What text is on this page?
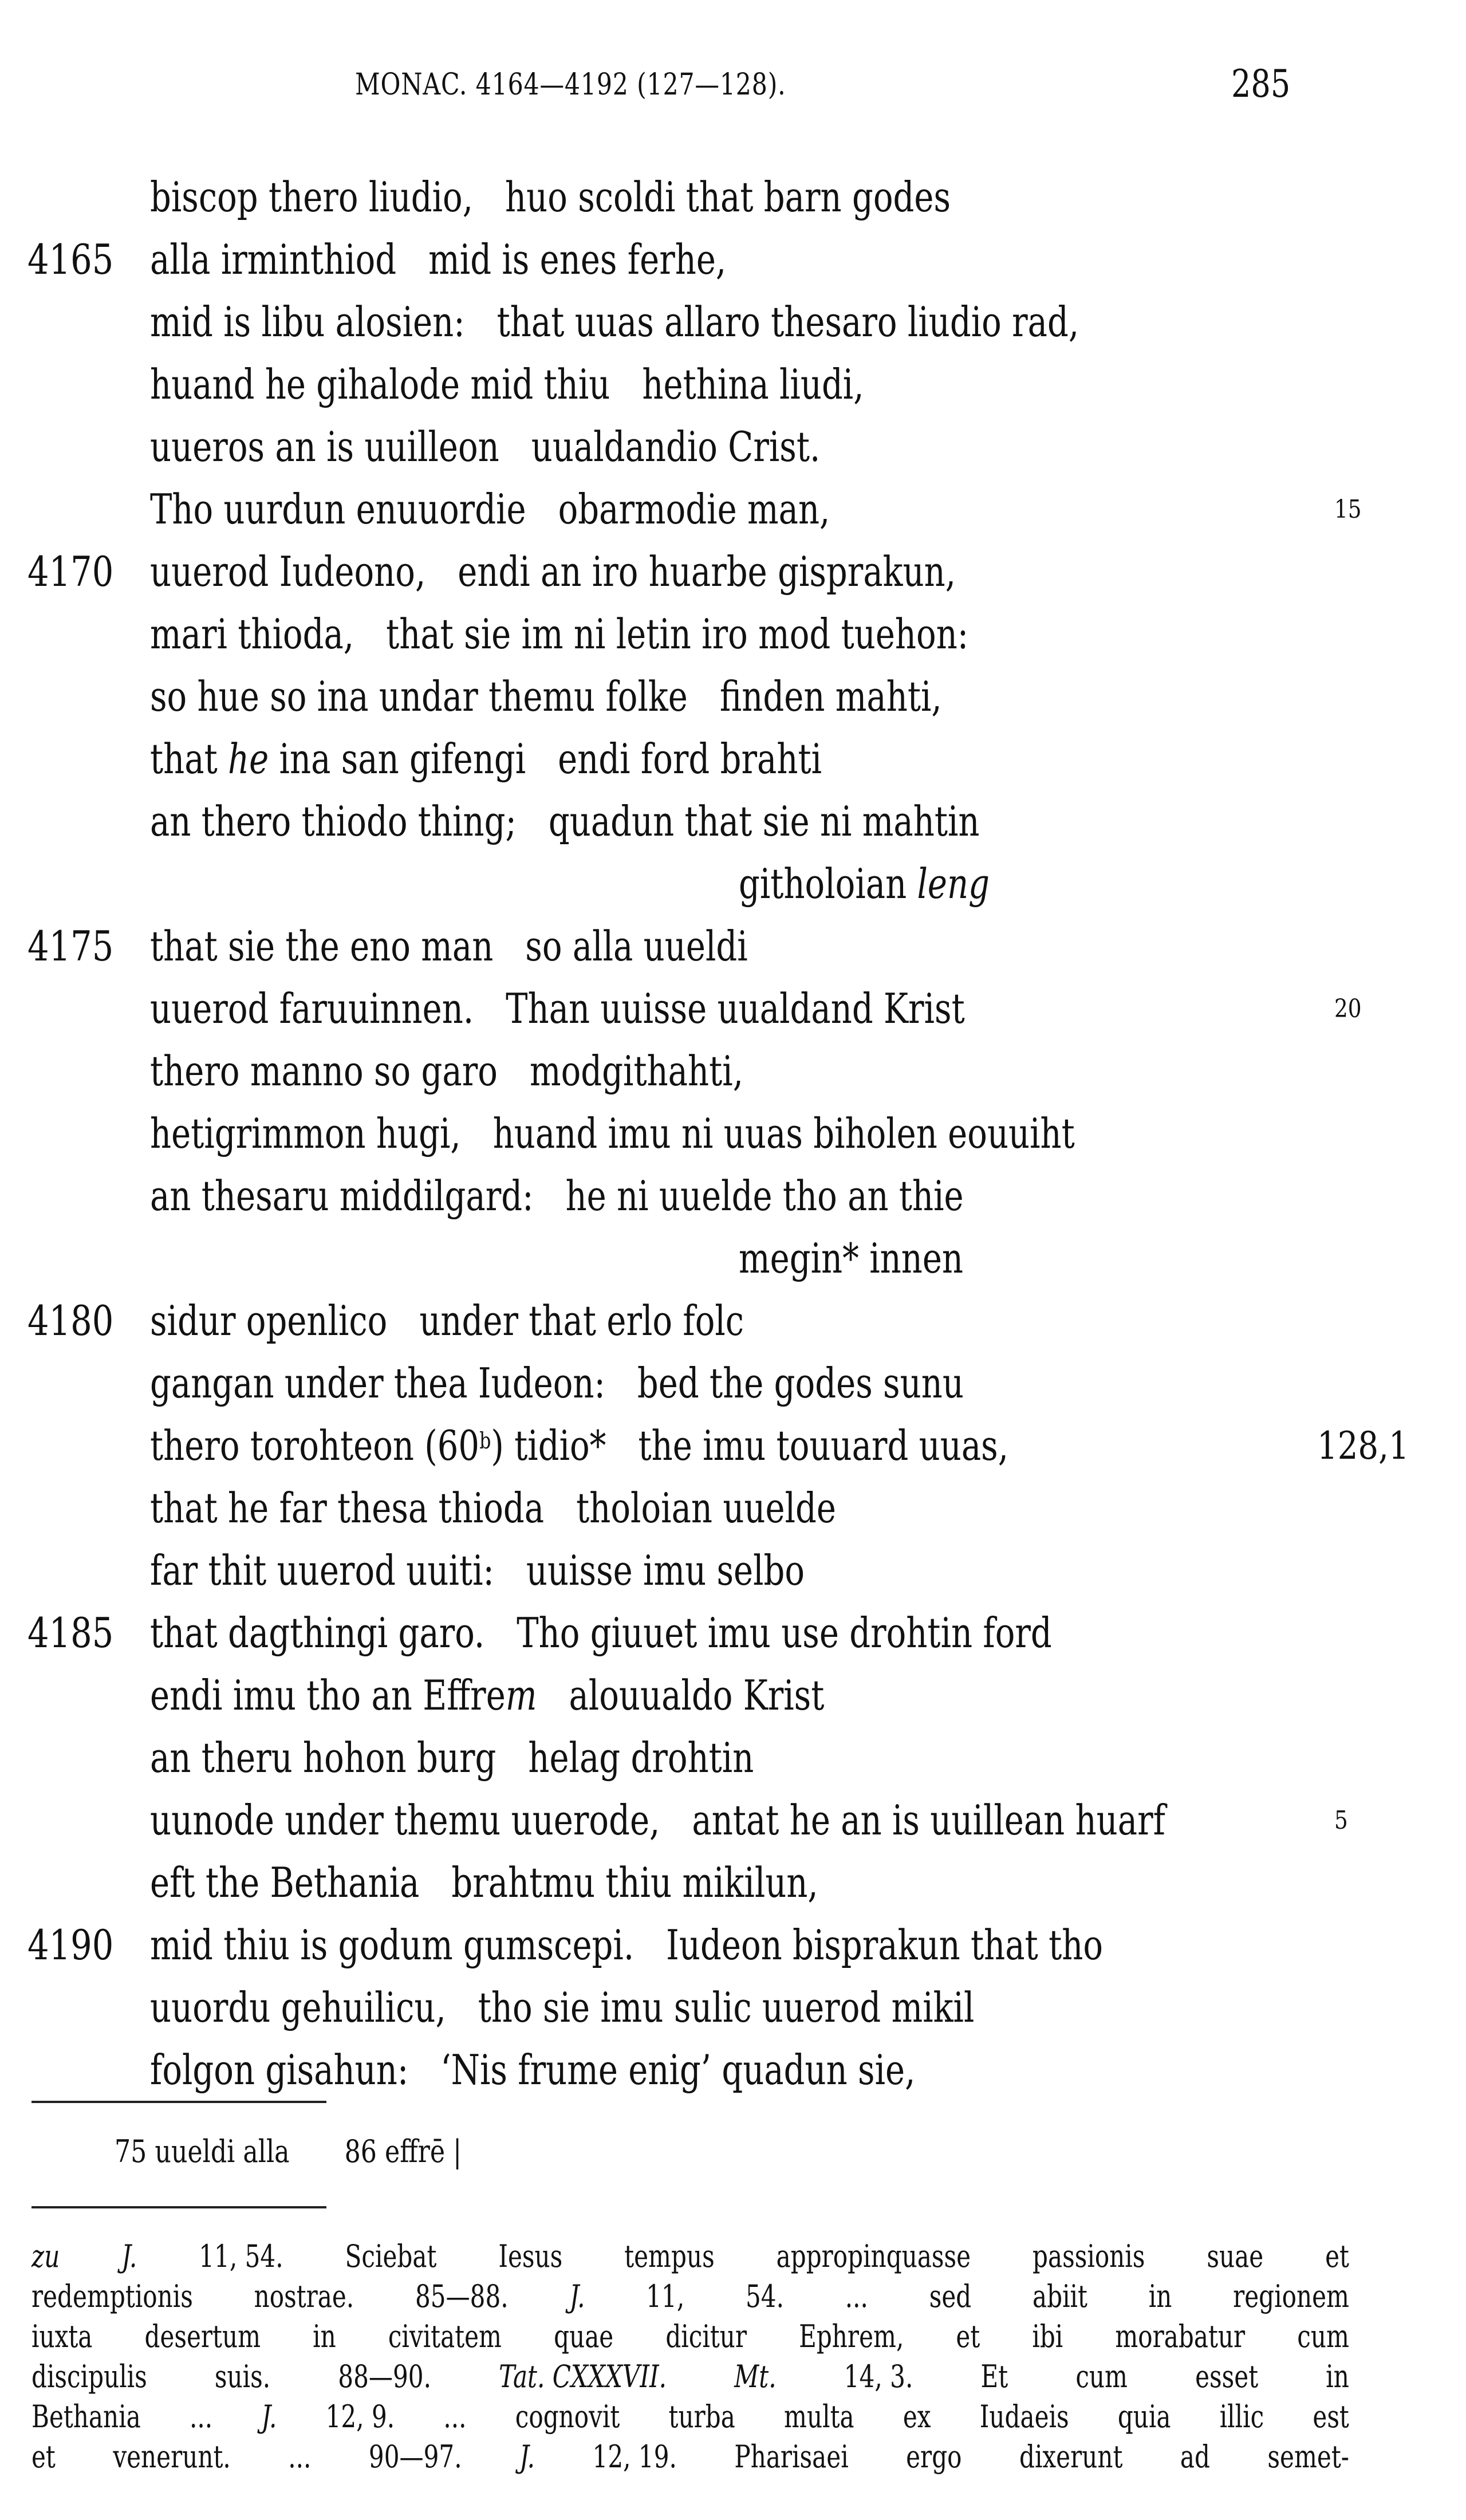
MONAC. 4164—4192 (127—128).	285
biscop thero liudio, huo scoldi that barn godes
4165 alla irminthiod mid is enes ferhe,
mid is libu alosien: that uuas allaro thesaro liudio rad,
huand he gihalode mid thiu hethina liudi,
uueros an is uuilleon uualdandio Crist.
Tho uurdun enuuordie obarmodie man,	15
4170 uuerod Iudeono, endi an iro huarbe gisprakun,
mari thioda, that sie im ni letin iro mod tuehon:
so hue so ina undar themu folke finden mahti,
that he ina san gifengi endi ford brahti
an thero thiodo thing; quadun that sie ni mahtin
githoloian leng
4175 that sie the eno man so alla uueldi
uuerod faruuinnen. Than uuisse uualdand Krist	20
thero manno so garo modgithahti,
hetigrimmon hugi, huand imu ni uuas biholen eouuiht
an thesaru middilgard: he ni uuelde tho an thie
megin* innen
4180 sidur openlico under that erlo folc
gangan under thea Iudeon: bed the godes sunu
thero torohteon (60$^b$) tidio* the imu touuard uuas,	128,1
that he far thesa thioda tholoian uuelde
far thit uuerod uuiti: uuisse imu selbo
4185 that dagthingi garo. Tho giuuet imu use drohtin ford
endi imu tho an Effrem alouualdo Krist
an theru hohon burg helag drohtin
uunode under themu uuerode, antat he an is uuillean huarf	5
eft the Bethania brahtmu thiu mikilun,
4190 mid thiu is godum gumscepi. Iudeon bisprakun that tho
uuordu gehuilicu, tho sie imu sulic uuerod mikil
folgon gisahun: ‘Nis frume enig’ quadun sie,
75 uueldi alla 86 effrē |
zu J. 11, 54. Sciebat Iesus tempus appropinquasse passionis suae et
redemptionis nostrae. 85—88. J. 11, 54. ... sed abiit in regionem
iuxta desertum in civitatem quae dicitur Ephrem, et ibi morabatur cum
discipulis suis. 88—90. Tat. CXXXVII. Mt. 14, 3. Et cum esset in
Bethania ... J. 12, 9. ... cognovit turba multa ex Iudaeis quia illic est
et venerunt. ... 90—97. J. 12, 19. Pharisaei ergo dixerunt ad semet-
